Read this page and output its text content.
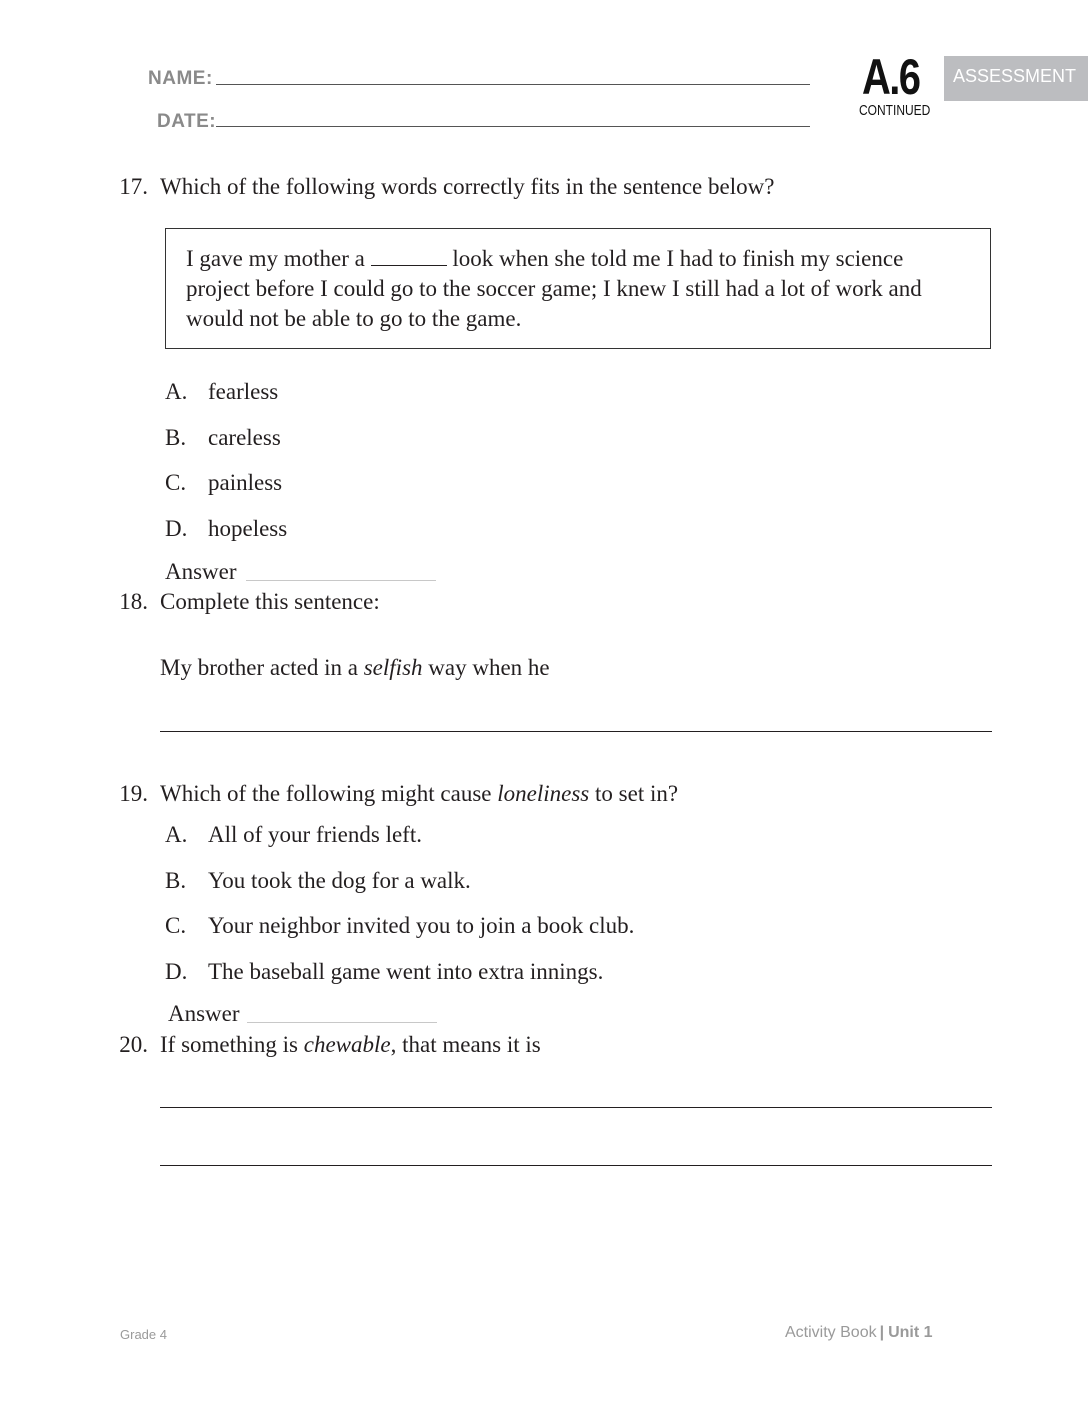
NAME:
DATE:
A.6
CONTINUED
ASSESSMENT
17. Which of the following words correctly fits in the sentence below?
I gave my mother a	look when she told me I had to finish my science
project before I could go to the soccer game; I knew I still had a lot of work and
would not be able to go to the game.
A. fearless
B. careless
C. painless
D. hopeless
Answer
18. Complete this sentence:
My brother acted in a selfish way when he
19. Which of the following might cause loneliness to set in?
A. All of your friends left.
B. You took the dog for a walk.
C. Your neighbor invited you to join a book club.
D. The baseball game went into extra innings.
Answer
20. If something is chewable, that means it is
Grade 4	Activity Book | Unit 1
